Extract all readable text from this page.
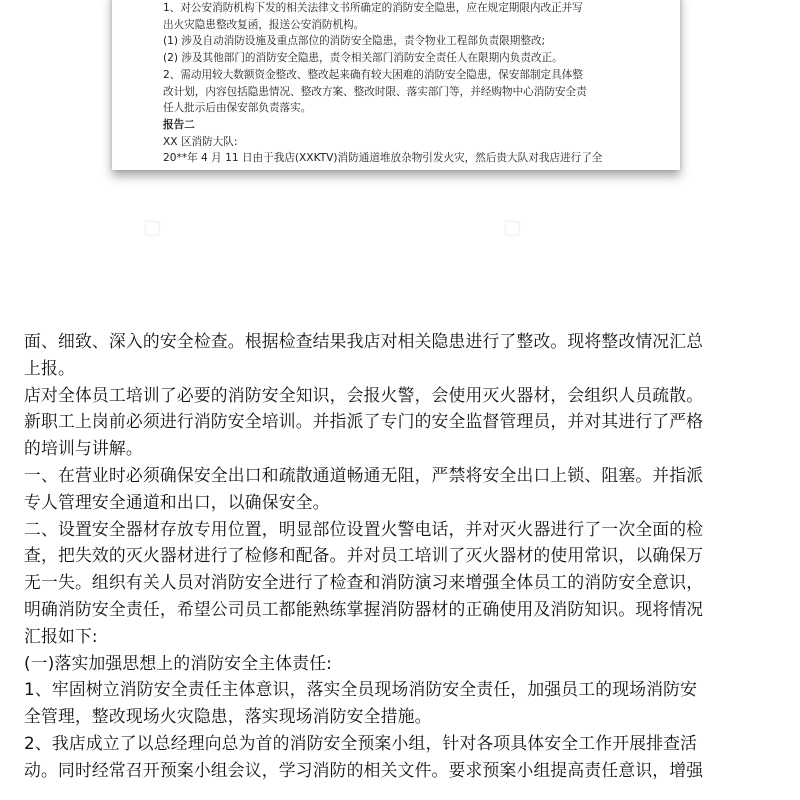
◇	◇
1、对公安消防机构下发的相关法律文书所确定的消防安全隐患，应在规定期限内改正并写
出火灾隐患整改复函，报送公安消防机构。
(1) 涉及自动消防设施及重点部位的消防安全隐患，责令物业工程部负责限期整改;
(2) 涉及其他部门的消防安全隐患，责令相关部门消防安全责任人在限期内负责改正。
2、需动用较大数额资金整改、整改起来确有较大困难的消防安全隐患，保安部制定具体整
改计划，内容包括隐患情况、整改方案、整改时限、落实部门等，并经购物中心消防安全责
任人批示后由保安部负责落实。
报告二
XX 区消防大队:
20**年 4 月 11 日由于我店(XXKTV)消防通道堆放杂物引发火灾，然后贵大队对我店进行了全
面、细致、深入的安全检查。根据检查结果我店对相关隐患进行了整改。现将整改情况汇总
上报。
店对全体员工培训了必要的消防安全知识，会报火警，会使用灭火器材，会组织人员疏散。
新职工上岗前必须进行消防安全培训。并指派了专门的安全监督管理员，并对其进行了严格
的培训与讲解。
一、在营业时必须确保安全出口和疏散通道畅通无阻，严禁将安全出口上锁、阻塞。并指派
专人管理安全通道和出口，以确保安全。
二、设置安全器材存放专用位置，明显部位设置火警电话，并对灭火器进行了一次全面的检
查，把失效的灭火器材进行了检修和配备。并对员工培训了灭火器材的使用常识，以确保万
无一失。组织有关人员对消防安全进行了检查和消防演习来增强全体员工的消防安全意识，
明确消防安全责任，希望公司员工都能熟练掌握消防器材的正确使用及消防知识。现将情况
汇报如下:
(一)落实加强思想上的消防安全主体责任:
1、牢固树立消防安全责任主体意识，落实全员现场消防安全责任，加强员工的现场消防安
全管理，整改现场火灾隐患，落实现场消防安全措施。
2、我店成立了以总经理向总为首的消防安全预案小组，针对各项具体安全工作开展排查活
动。同时经常召开预案小组会议，学习消防的相关文件。要求预案小组提高责任意识，增强
